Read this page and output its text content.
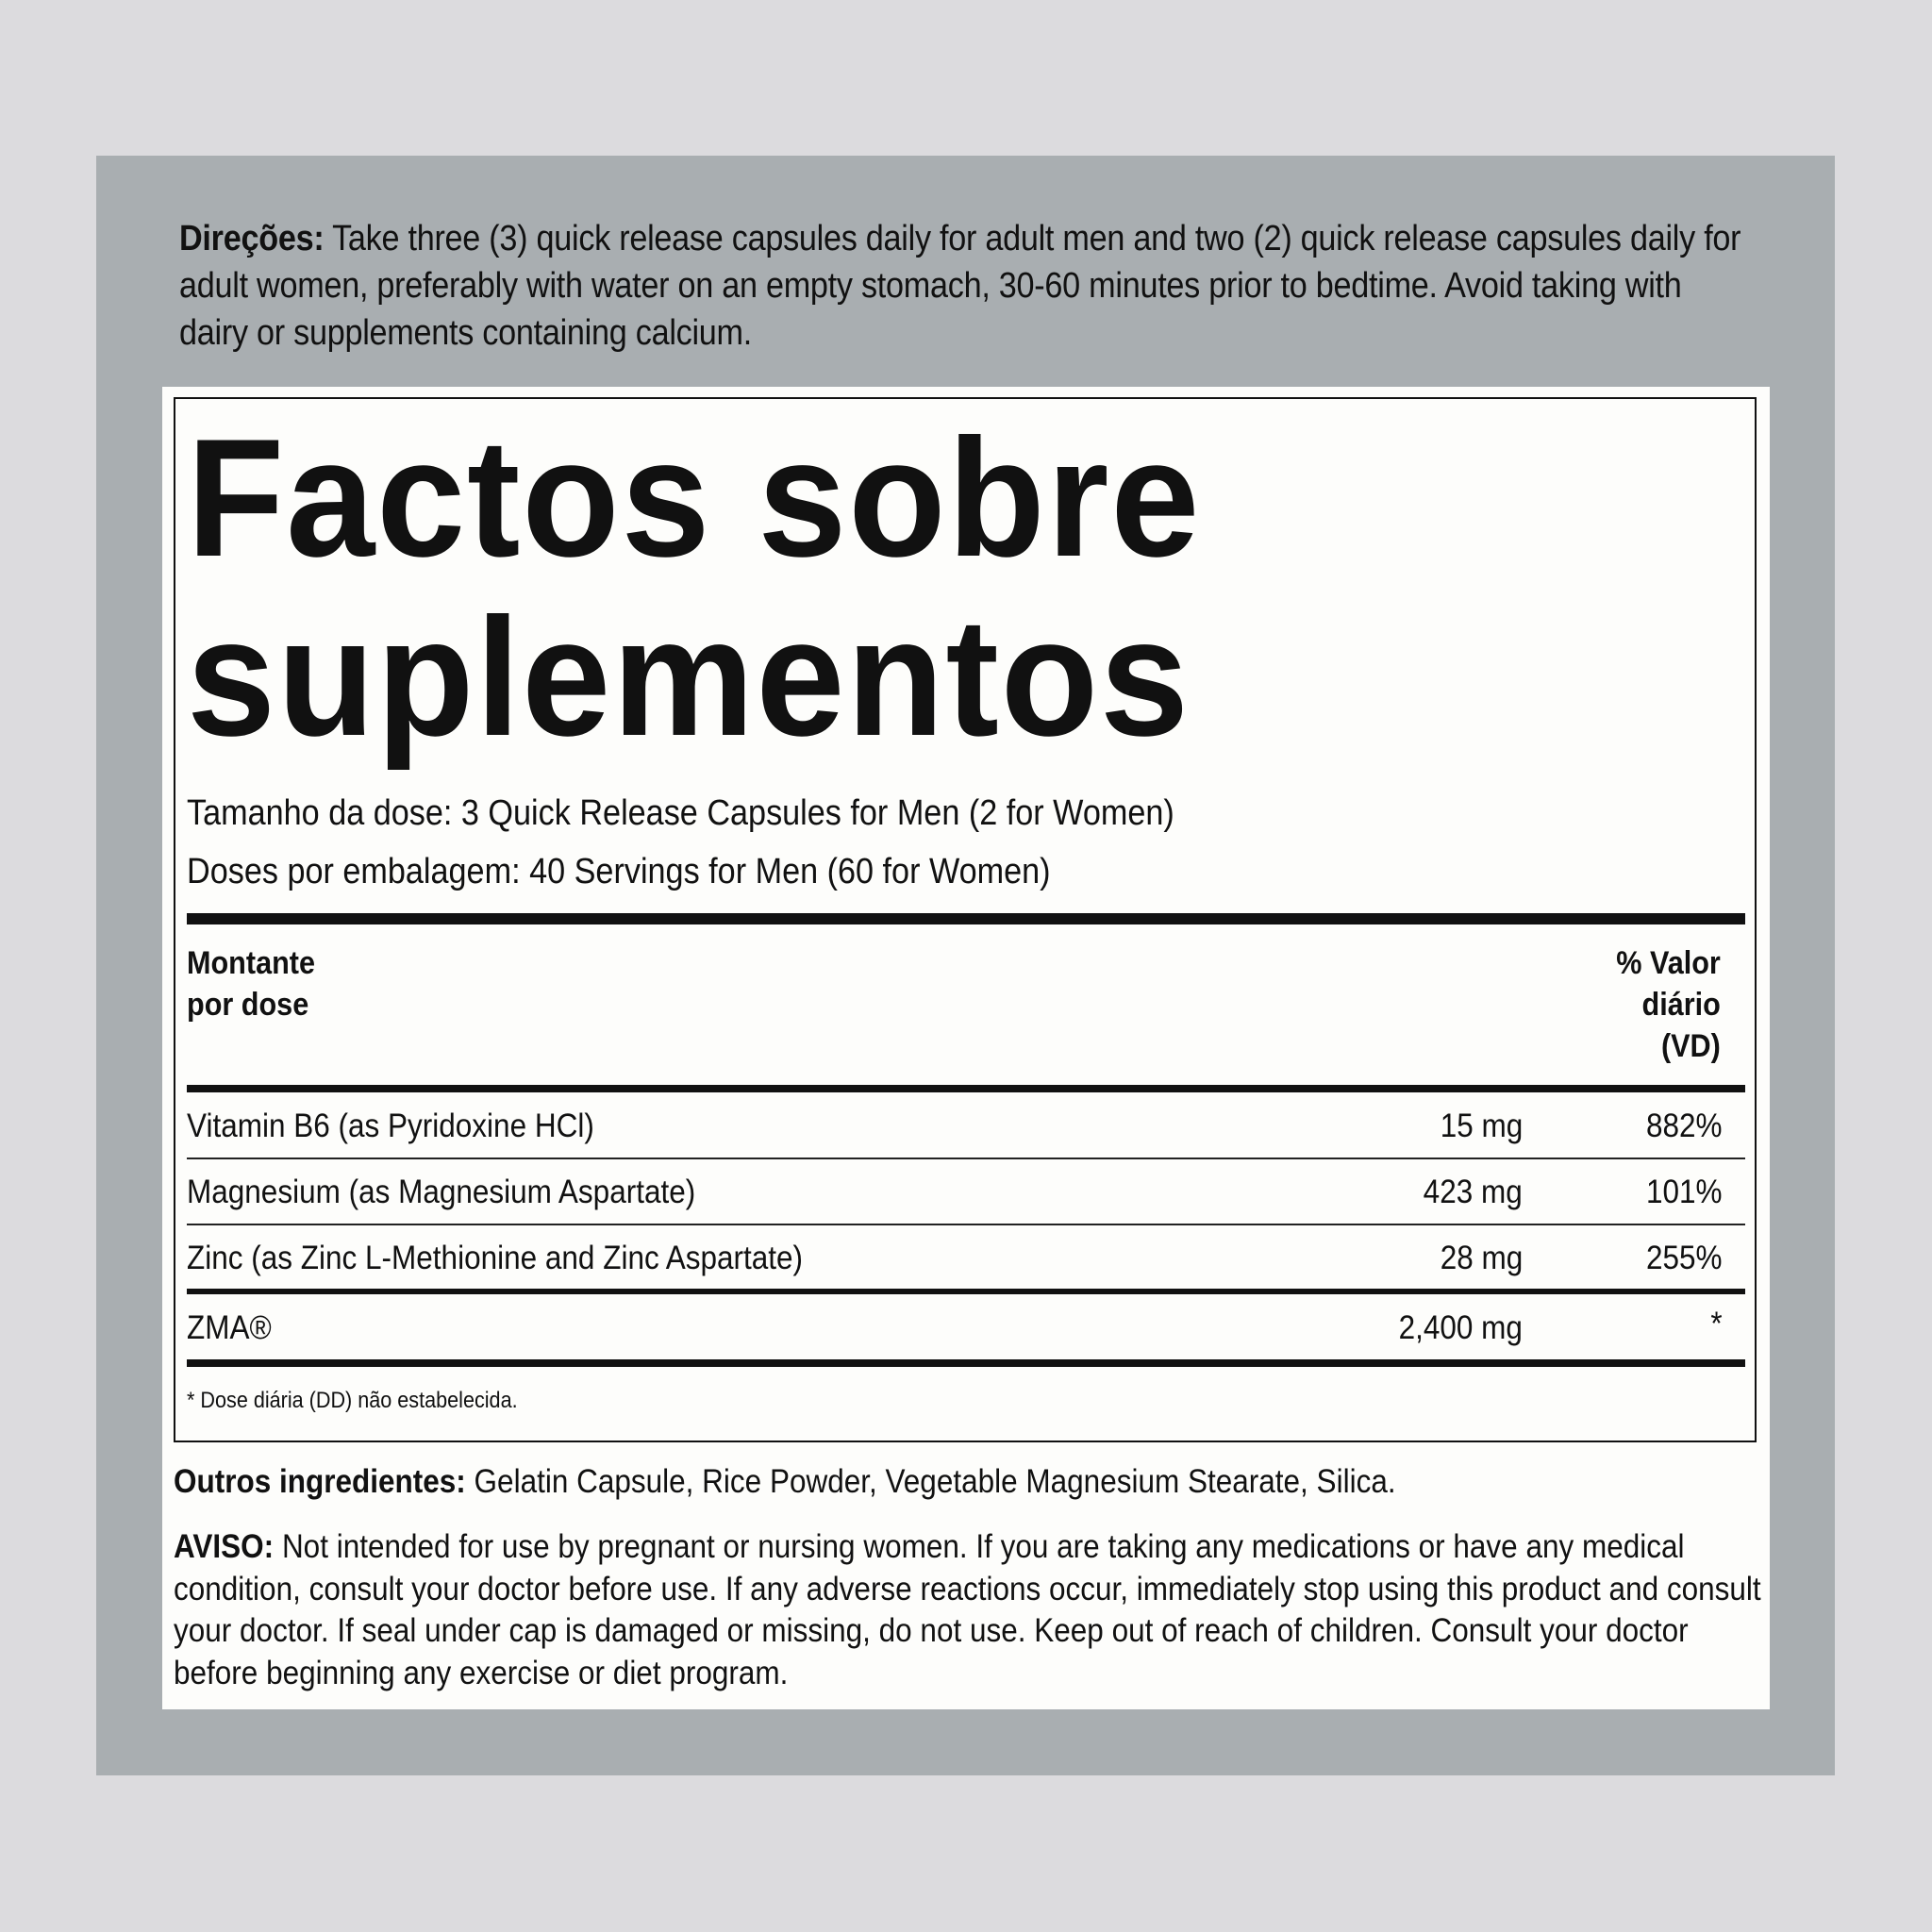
Direções: Take three (3) quick release capsules daily for adult men and two (2) quick release capsules daily for adult women, preferably with water on an empty stomach, 30-60 minutes prior to bedtime. Avoid taking with dairy or supplements containing calcium.
Factos sobre
suplementos
Tamanho da dose: 3 Quick Release Capsules for Men (2 for Women)
Doses por embalagem: 40 Servings for Men (60 for Women)
Montante
por dose
% Valor
diário
(VD)
Vitamin B6 (as Pyridoxine HCl)	15 mg	882%
Magnesium (as Magnesium Aspartate)	423 mg	101%
Zinc (as Zinc L-Methionine and Zinc Aspartate)	28 mg	255%
ZMA®	2,400 mg	*
* Dose diária (DD) não estabelecida.
Outros ingredientes: Gelatin Capsule, Rice Powder, Vegetable Magnesium Stearate, Silica.
AVISO: Not intended for use by pregnant or nursing women. If you are taking any medications or have any medical condition, consult your doctor before use. If any adverse reactions occur, immediately stop using this product and consult your doctor. If seal under cap is damaged or missing, do not use. Keep out of reach of children. Consult your doctor before beginning any exercise or diet program.
